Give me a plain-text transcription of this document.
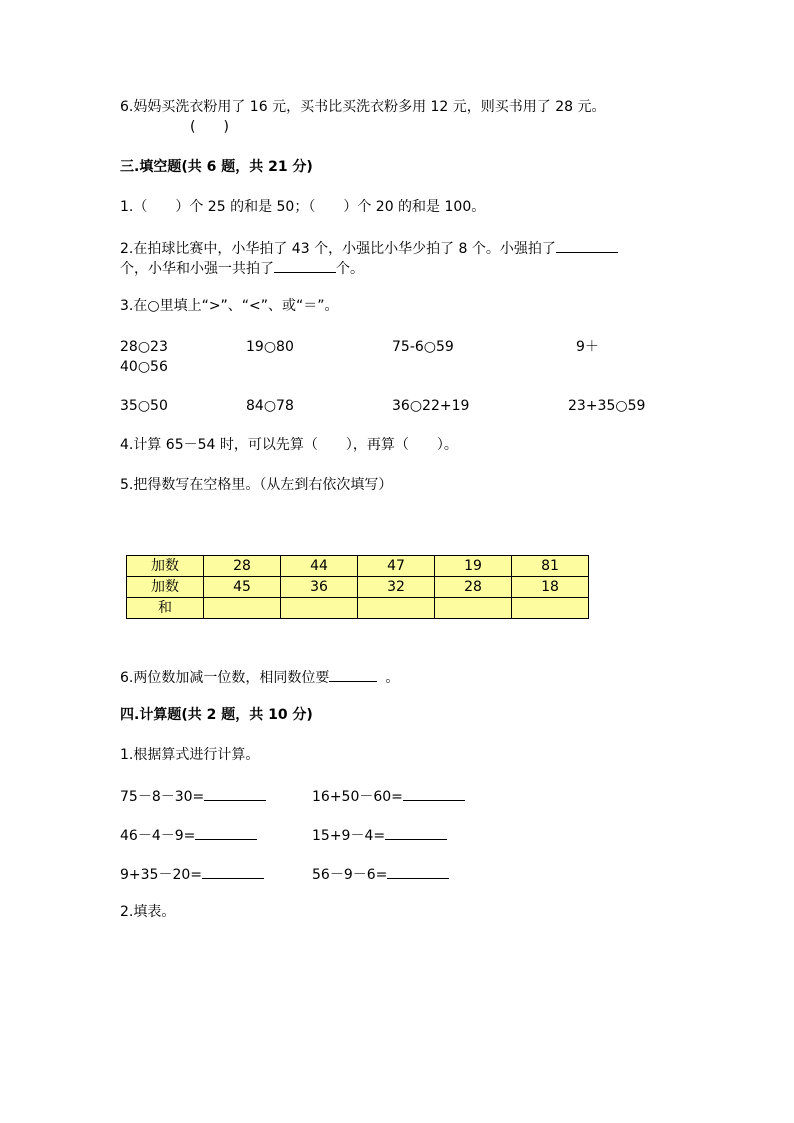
6.妈妈买洗衣粉用了 16 元，买书比买洗衣粉多用 12 元，则买书用了 28 元。
(　　)
三.填空题(共 6 题，共 21 分)
1.（　　）个 25 的和是 50；（　　）个 20 的和是 100。
2.在拍球比赛中，小华拍了 43 个，小强比小华少拍了 8 个。小强拍了
个，小华和小强一共拍了	个。
3.在○里填上“>”、“<”、或“＝”。
28○23	19○80	75-6○59	9＋
40○56
35○50	84○78	36○22+19	23+35○59
4.计算 65－54 时，可以先算（　　），再算（　　）。
5.把得数写在空格里。（从左到右依次填写）
加数	28	44	47	19	81
加数	45	36	32	28	18
和					
6.两位数加减一位数，相同数位要	。
四.计算题(共 2 题，共 10 分)
1.根据算式进行计算。
75－8－30=	16+50－60=
46－4－9=	15+9－4=
9+35－20=	56－9－6=
2.填表。
